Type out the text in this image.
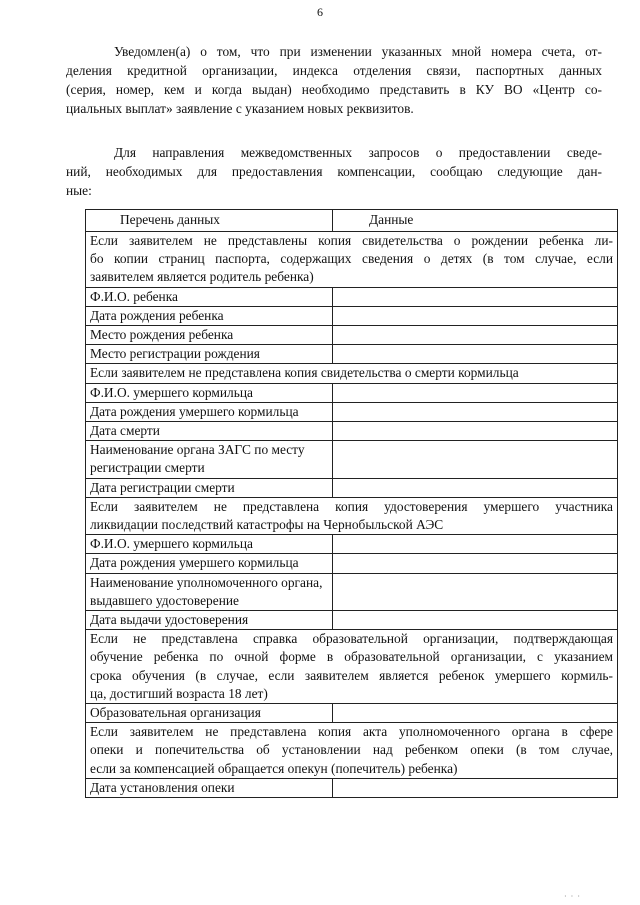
6

Уведомлен(а) о том, что при изменении указанных мной номера счета, от-
деления кредитной организации, индекса отделения связи, паспортных данных
(серия, номер, кем и когда выдан) необходимо представить в КУ ВО «Центр со-
циальных выплат» заявление с указанием новых реквизитов.

Для направления межведомственных запросов о предоставлении сведе-
ний, необходимых для предоставления компенсации, сообщаю следующие дан-
ные:

Перечень данных	Данные

Если заявителем не представлены копия свидетельства о рождении ребенка ли-
бо копии страниц паспорта, содержащих сведения о детях (в том случае, если
заявителем является родитель ребенка)	

Ф.И.О. ребенка	
Дата рождения ребенка	
Место рождения ребенка	
Место регистрации рождения	
Если заявителем не представлена копия свидетельства о смерти кормильца	
Ф.И.О. умершего кормильца	
Дата рождения умершего кормильца	
Дата смерти	
Наименование органа ЗАГС по месту регистрации смерти	
Дата регистрации смерти	

Если заявителем не представлена копия удостоверения умершего участника
ликвидации последствий катастрофы на Чернобыльской АЭС	

Ф.И.О. умершего кормильца	
Дата рождения умершего кормильца	
Наименование уполномоченного органа, выдавшего удостоверение	
Дата выдачи удостоверения	

Если не представлена справка образовательной организации, подтверждающая
обучение ребенка по очной форме в образовательной организации, с указанием
срока обучения (в случае, если заявителем является ребенок умершего кормиль-
ца, достигший возраста 18 лет)	

Образовательная организация	

Если заявителем не представлена копия акта уполномоченного органа в сфере
опеки и попечительства об установлении над ребенком опеки (в том случае,
если за компенсацией обращается опекун (попечитель) ребенка)	

Дата установления опеки	
· · ·
